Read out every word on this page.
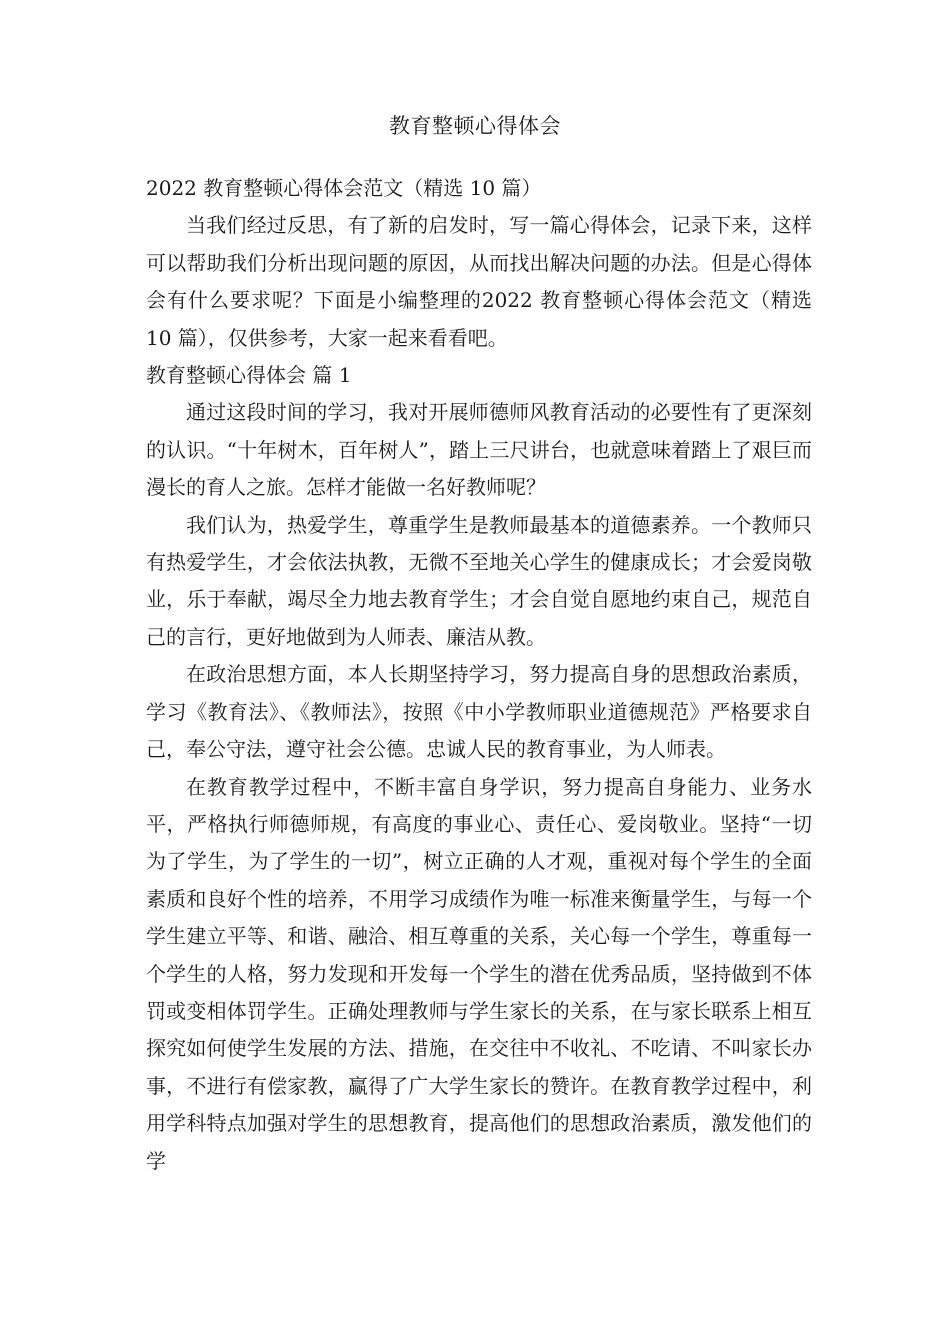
教育整顿心得体会

2022 教育整顿心得体会范文（精选 10 篇）

当我们经过反思，有了新的启发时，写一篇心得体会，记录下来，这样可以帮助我们分析出现问题的原因，从而找出解决问题的办法。但是心得体会有什么要求呢？下面是小编整理的2022 教育整顿心得体会范文（精选 10 篇），仅供参考，大家一起来看看吧。

教育整顿心得体会 篇 1

通过这段时间的学习，我对开展师德师风教育活动的必要性有了更深刻的认识。“十年树木，百年树人”，踏上三尺讲台，也就意味着踏上了艰巨而漫长的育人之旅。怎样才能做一名好教师呢？

我们认为，热爱学生，尊重学生是教师最基本的道德素养。一个教师只有热爱学生，才会依法执教，无微不至地关心学生的健康成长；才会爱岗敬业，乐于奉献，竭尽全力地去教育学生；才会自觉自愿地约束自己，规范自己的言行，更好地做到为人师表、廉洁从教。

在政治思想方面，本人长期坚持学习，努力提高自身的思想政治素质，学习《教育法》、《教师法》，按照《中小学教师职业道德规范》严格要求自己，奉公守法，遵守社会公德。忠诚人民的教育事业，为人师表。

在教育教学过程中，不断丰富自身学识，努力提高自身能力、业务水平，严格执行师德师规，有高度的事业心、责任心、爱岗敬业。坚持“一切为了学生，为了学生的一切”，树立正确的人才观，重视对每个学生的全面素质和良好个性的培养，不用学习成绩作为唯一标准来衡量学生，与每一个学生建立平等、和谐、融洽、相互尊重的关系，关心每一个学生，尊重每一个学生的人格，努力发现和开发每一个学生的潜在优秀品质，坚持做到不体罚或变相体罚学生。正确处理教师与学生家长的关系，在与家长联系上相互探究如何使学生发展的方法、措施，在交往中不收礼、不吃请、不叫家长办事，不进行有偿家教，赢得了广大学生家长的赞许。在教育教学过程中，利用学科特点加强对学生的思想教育，提高他们的思想政治素质，激发他们的学
